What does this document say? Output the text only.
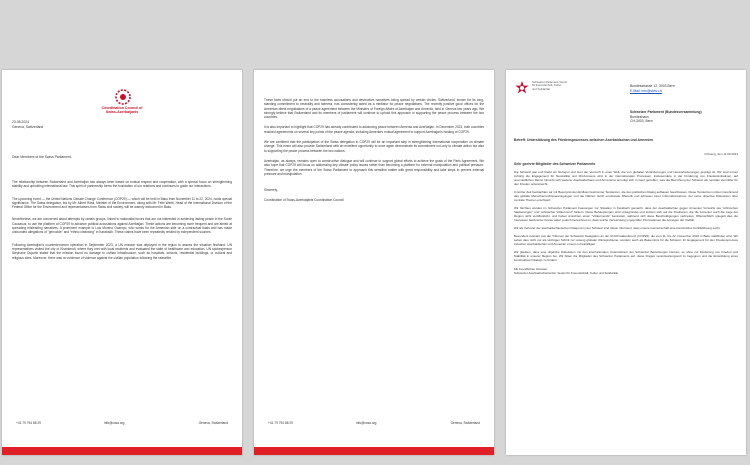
Coordination Council of
Swiss-Azerbaijanis
23.08.2024
Geneva, Switzerland
Dear Members of the Swiss Parliament,

The relationship between Switzerland and Azerbaijan has always been based on mutual respect and cooperation, with a special focus on strengthening stability and upholding international law. This spirit of partnership forms the foundation of our relations and continues to guide our interactions.

The upcoming event — the United Nations Climate Change Conference (COP29) — which will be held in Baku from November 11 to 22, 2024, holds special significance. The Swiss delegation, led by Mr. Albert Rösti, Minister of the Environment, along with Mr. Felix Wertli, Head of the International Division of the Federal Office for the Environment and representatives from Swiss civil society, will be warmly welcomed in Baku.

Nevertheless, we are concerned about attempts by certain groups, linked to nationalist forces that are not interested in achieving lasting peace in the South Caucasus, to use the platform of COP29 to advance political accusations against Azerbaijan. These actions are becoming more frequent and are aimed at spreading misleading narratives. A prominent example is Luis Moreno Ocampo, who works for the Armenian side on a contractual basis and has made unfounded allegations of "genocide" and "ethnic cleansing" in Karabakh. These claims have been repeatedly refuted by independent sources.

Following Azerbaijan's counterterrorism operation in September 2023, a UN mission was deployed in the region to assess the situation firsthand. UN representatives visited the city of Khankendi, where they met with local residents and evaluated the state of healthcare and education. UN spokesperson Stéphane Dujarric stated that the mission found no damage to civilian infrastructure, such as hospitals, schools, residential buildings, or cultural and religious sites. Moreover, there was no evidence of violence against the civilian population following the ceasefire.

+41 79 794 88 29	info@ccsa.org	Geneva, Switzerland

These facts should put an end to the baseless accusations and destructive narratives being spread by certain circles. Switzerland, known for its long-standing commitment to neutrality and fairness, has consistently acted as a mediator for peace negotiations. The recently positive good offices for the Armenian direct negotiations of a peace agreement between the Ministers of Foreign Affairs of Azerbaijan and Armenia, held in Geneva two years ago. We strongly believe that Switzerland and its members of parliament will continue to uphold this approach in supporting the peace process between the two countries.

It is also important to highlight that COP29 has already contributed to advancing peace between Armenia and Azerbaijan. In December 2023, both countries reached agreements on several key points of the peace agenda, including Armenia's mutual agreement to support Azerbaijan's hosting of COP29.

We are confident that the participation of the Swiss delegation in COP29 will be an important step in strengthening international cooperation on climate change. This event will also provide Switzerland with an excellent opportunity to once again demonstrate its commitment not only to climate action but also to supporting the peace process between the two nations.

Azerbaijan, as always, remains open to constructive dialogue and will continue to support global efforts to achieve the goals of the Paris Agreement. We also hope that COP29 will focus on addressing key climate policy issues rather than becoming a platform for external manipulation and political pressure. Therefore, we urge the members of the Swiss Parliament to approach this sensitive matter with great responsibility and take steps to prevent external pressure and manipulation.

Sincerely,

Coordination of Swiss-Azerbaijanis Coordination Council

+41 79 794 88 29	info@ccsa.org	Geneva, Switzerland
Schweizer Parlament Verein
für Freundschaft, Kultur
und Solidarität
Bundesstrasse 12, 3003 Bern
E-Mail: info@sbsv.ch
Schweizer Parlament (Bundesversammlung)
Bundeshaus
CH-3003, Bern
Betreff: Unterstützung des Friedensprozesses zwischen Aserbaidschan und Armenien
Fribourg, den 11.09.2024
Sehr geehrte Mitglieder des Schweizer Parlaments

Die Schweiz war und bleibt ein Ruhepol und Hort der Vernunft in einer Welt, die von globalen Veränderungen und Herausforderungen geprägt ist. Wir sind immer zuhörig die Engagement für Neutralität und Mit-Konsens wird in der internationalen Prozessen, insbesondere in der Förderung von Friedensinitiativen, auf unermüdlichen Dienst hinsicht sich weiterer Aserbaidschans und Armeniens ermutigt sich in Genf getroffen, was die Bemühung der Schweiz als neutrale Vermittler für den Frieden unterstreicht.

In letzter Zeit beobachten wir mit Besorgnis den Einfluss bestimmter Tendenzen, die den politischen Dialog aufbauen beeinflussen. Diese Tendenzen nutzen zunehmend das globale Menschenrechtsvereinigungen und die Nähren durch emotionale Rhetorik und erbrauen einer Informationsstrom, der seine objective Diskussion über zentrale Themen erschwert.

Wir fürchten wurden im Schweizer Parlament Fassungen zur Situation in Karabach gemacht, dass der Aserbaidschan gegen Armenien Vorwürfe wie "ethnischen Säuberungen" und "ethnischer Völkermord" fordern. Diese Behauptungen sind unbegründet und stützen sich auf die Positionen, die die Armenier auch die Lage der Region nicht veröffentlicht, und haben Ansichten einen "Völkermords" bestreiten, während sich diese Beschuldigungen verbreiten. Offensichtlich spiegelt dies die Interessen bestimmter Kreise wider, jedoch bezeichnet es, dass solche Verwendung ungeprüfter Informationen die Anzeigen der Vielfalt.

Wir als Vertreter der aserbaidschanischen Diaspora in der Schweiz sind davon informiert, dass unsere Gemeinschaft eine konstruktive Konfliktlösung sucht.

Besonders relevant aus der Tribunen der Schweizer Delegation an der UN-Klimakonferenz (COP29), die vom 11. bis 22. November 2024 in Baku stattfinden wird. Wir sehen dies nicht nur als wichtigen Schritt zur Lösung globaler Klimaprobleme, sondern auch als Bekenntnis für die Schweiz, ihr Engagement für den Friedensprozess zwischen Aserbaidschan und Armenien erneut zu bekräftigen.

Wir glauben, dass eine objektive Diskussion mit den internationalen Unterstützern der Schweizer Beziehungen können, so ohne zur Förderung von Frieden und Stabilität in unserer Region bei. Wir bitten die Mitglieder des Schweizer Parlaments auf, diese Fragen verantwortungsvoll zu begegnen und die Entwicklung eines konstruktiven Dialogs zu fördern.

Mit freundlichen Grüssen

Schweizer Aserbaidschanischer Verein für Freundschaft, Kultur und Solidarität
